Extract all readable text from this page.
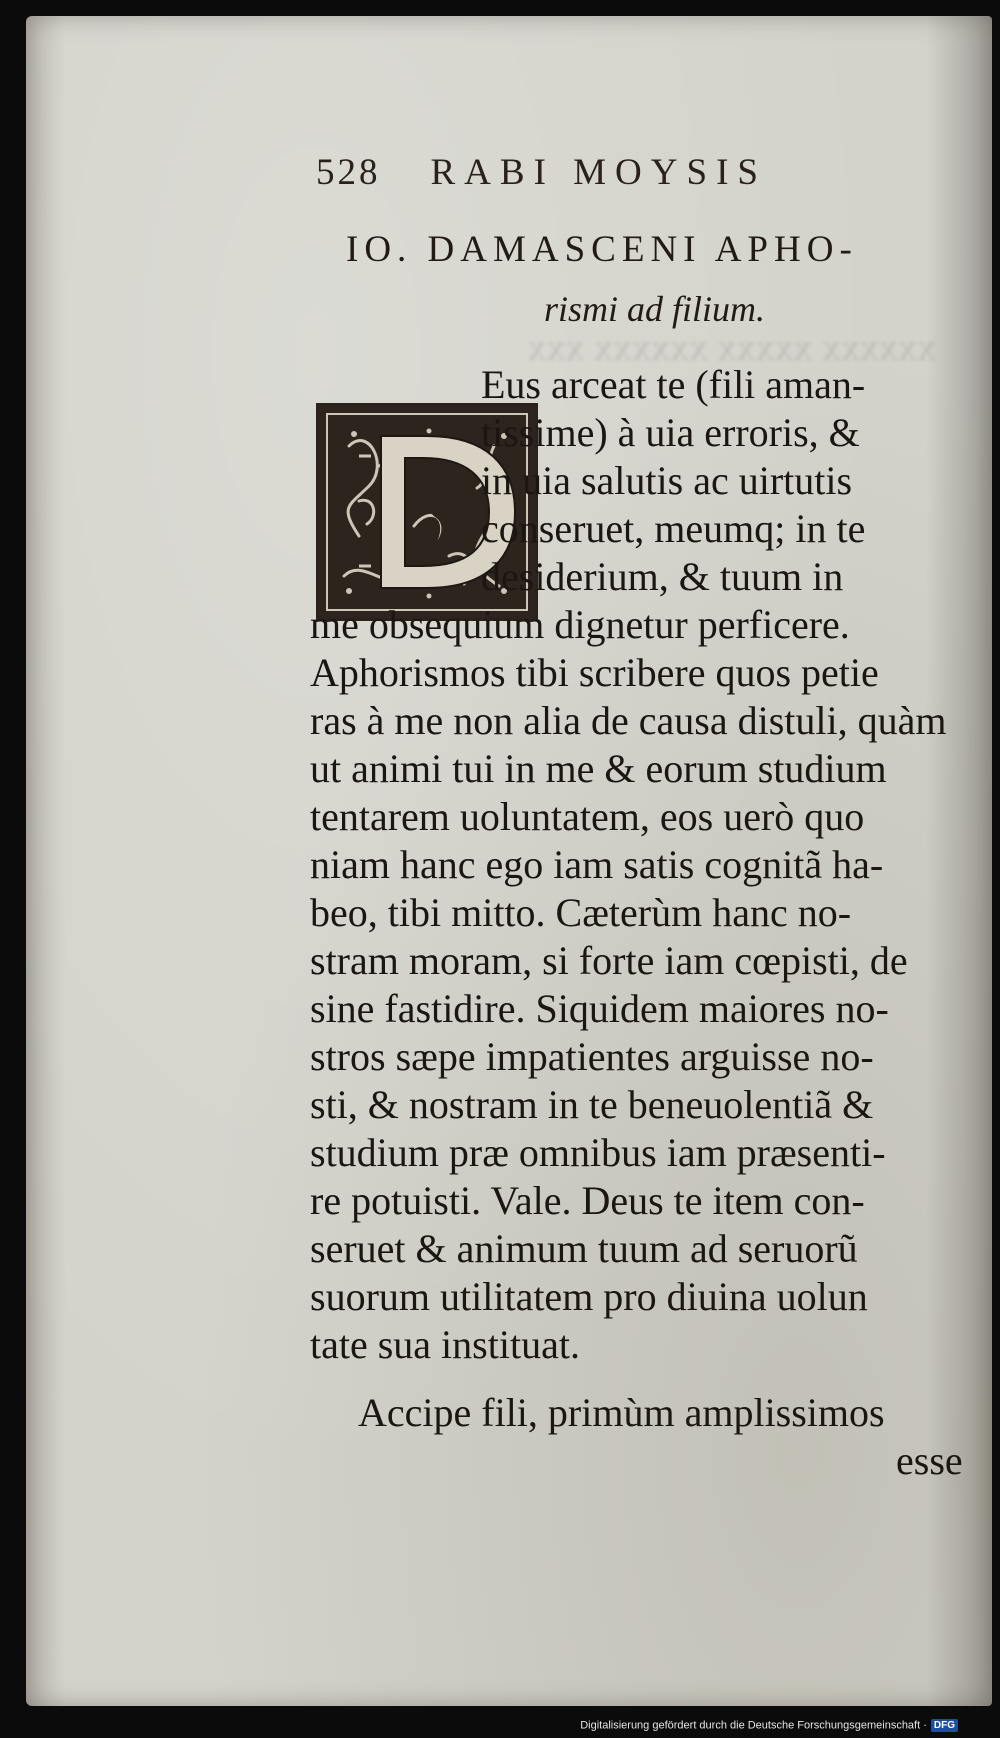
xxxxxx xxxxx xxxxxx xxx
528 RABI MOYSIS
IO. DAMASCENI APHO-
rismi ad filium.
Eus arceat te (fili aman-
tissime) à uia erroris, &
in uia salutis ac uirtutis
conseruet, meumq; in te
desiderium, & tuum in
me obsequium dignetur perficere.
Aphorismos tibi scribere quos petie
ras à me non alia de causa distuli, quàm
ut animi tui in me & eorum studium
tentarem uoluntatem, eos uerò quo
niam hanc ego iam satis cognitã ha-
beo, tibi mitto. Cæterùm hanc no-
stram moram, si forte iam cœpisti, de
sine fastidire. Siquidem maiores no-
stros sæpe impatientes arguisse no-
sti, & nostram in te beneuolentiã &
studium præ omnibus iam præsenti-
re potuisti. Vale. Deus te item con-
seruet & animum tuum ad seruorũ
suorum utilitatem pro diuina uolun
tate sua instituat.
Accipe fili, primùm amplissimos
esse
Digitalisierung gefördert durch die Deutsche Forschungsgemeinschaft · DFG
